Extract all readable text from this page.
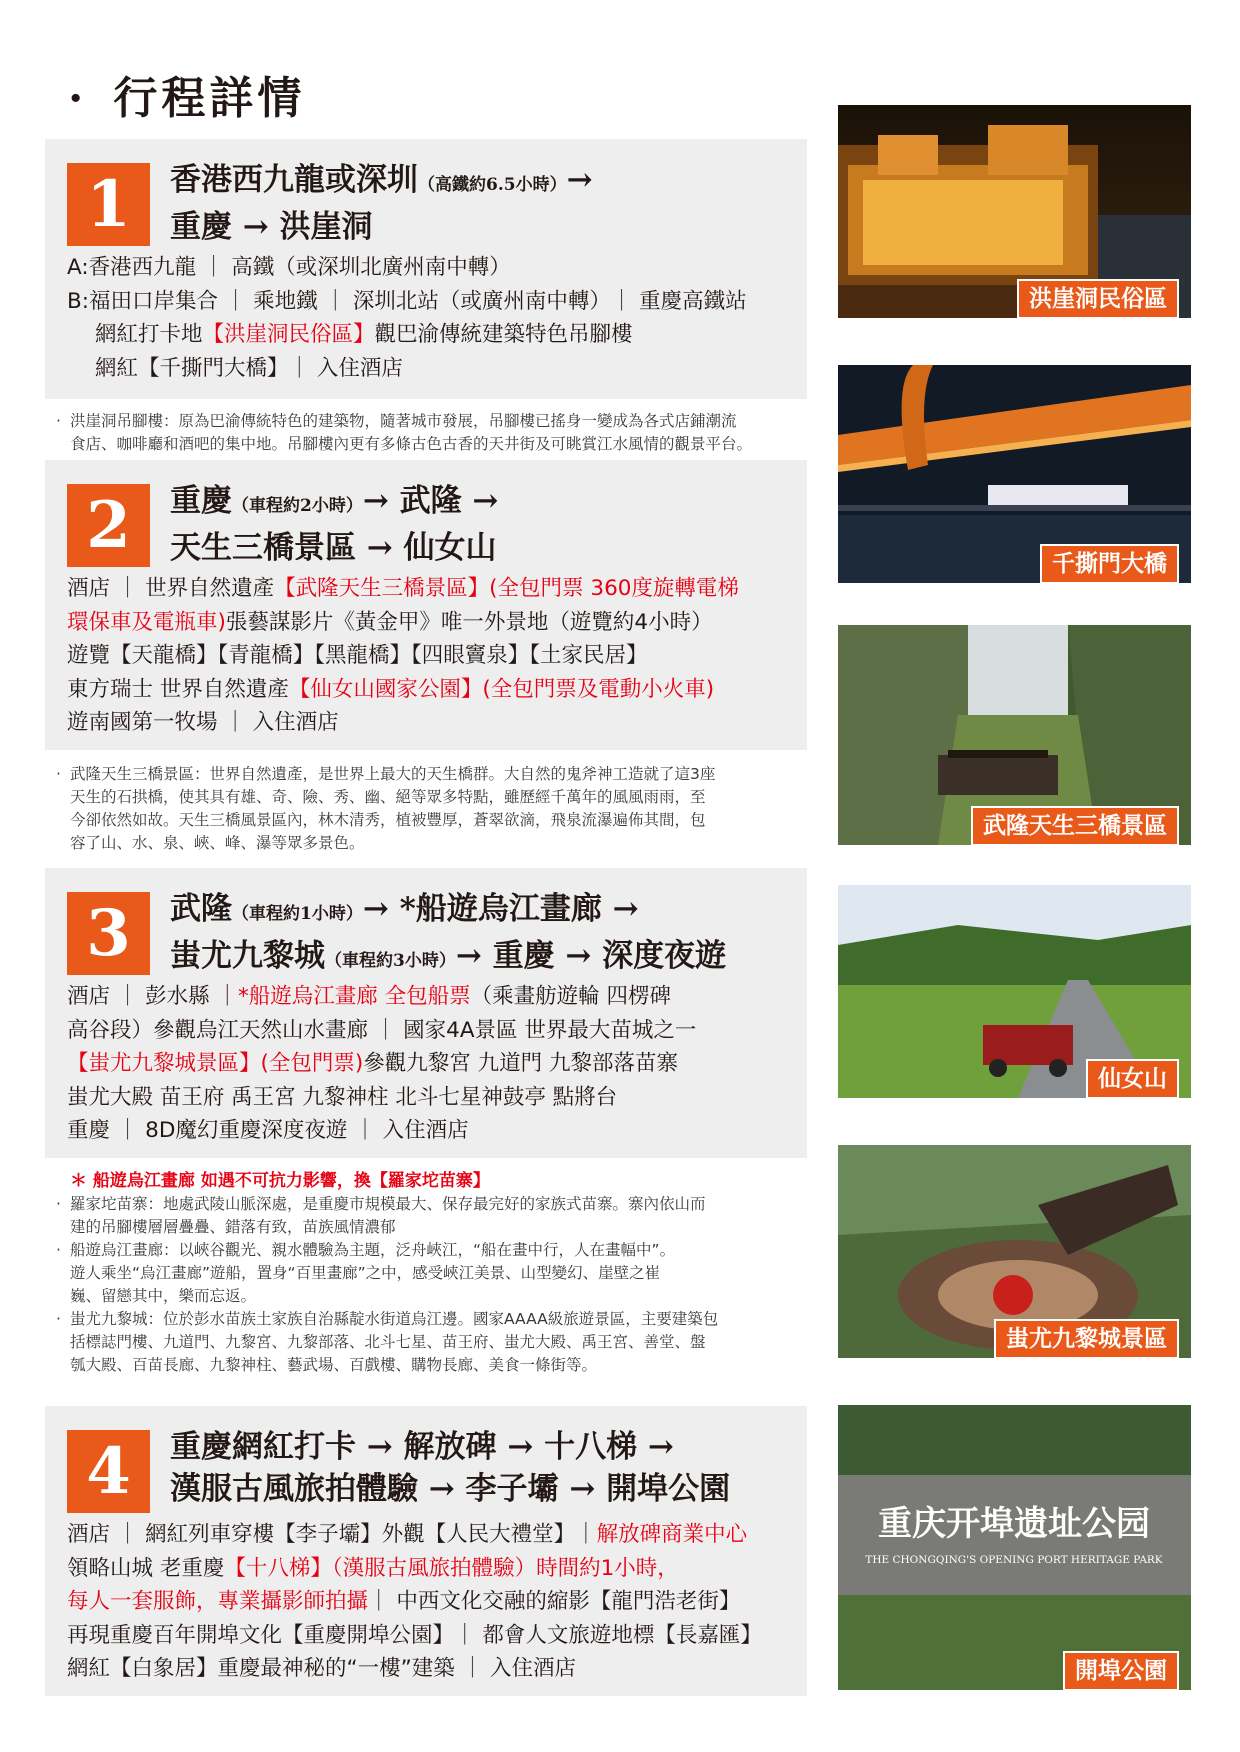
· 行程詳情
1	香港西九龍或深圳（高鐵約6.5小時）→
重慶 → 洪崖洞
A:香港西九龍 ｜ 高鐵（或深圳北廣州南中轉）
B:福田口岸集合 ｜ 乘地鐵 ｜ 深圳北站（或廣州南中轉）｜ 重慶高鐵站
網紅打卡地【洪崖洞民俗區】觀巴渝傳統建築特色吊腳樓
網紅【千撕門大橋】｜ 入住酒店

· 洪崖洞吊腳樓：原為巴渝傳統特色的建築物，隨著城市發展，吊腳樓已搖身一變成為各式店鋪潮流

食店、咖啡廳和酒吧的集中地。吊腳樓內更有多條古色古香的天井街及可眺賞江水風情的觀景平台。

2	重慶（車程約2小時）→ 武隆 →
天生三橋景區 → 仙女山
酒店 ｜ 世界自然遺產【武隆天生三橋景區】(全包門票 360度旋轉電梯
環保車及電瓶車)張藝謀影片《黃金甲》唯一外景地（遊覽約4小時）
遊覽【天龍橋】【青龍橋】【黑龍橋】【四眼竇泉】【土家民居】
東方瑞士 世界自然遺產【仙女山國家公園】(全包門票及電動小火車)
遊南國第一牧場 ｜ 入住酒店

· 武隆天生三橋景區：世界自然遺產，是世界上最大的天生橋群。大自然的鬼斧神工造就了這3座

天生的石拱橋，使其具有雄、奇、險、秀、幽、絕等眾多特點，雖歷經千萬年的風風雨雨，至

今卻依然如故。天生三橋風景區內，林木清秀，植被豐厚，蒼翠欲滴，飛泉流瀑遍佈其間，包

容了山、水、泉、峽、峰、瀑等眾多景色。

3	武隆（車程約1小時）→ *船遊烏江畫廊 →
蚩尤九黎城（車程約3小時）→ 重慶 → 深度夜遊
酒店 ｜ 彭水縣 ｜*船遊烏江畫廊 全包船票（乘畫舫遊輪 四楞碑
高谷段）參觀烏江天然山水畫廊 ｜ 國家4A景區 世界最大苗城之一
【蚩尤九黎城景區】(全包門票)參觀九黎宮 九道門 九黎部落苗寨
蚩尤大殿 苗王府 禹王宮 九黎神柱 北斗七星神鼓亭 點將台
重慶 ｜ 8D魔幻重慶深度夜遊 ｜ 入住酒店

＊ 船遊烏江畫廊 如遇不可抗力影響，換【羅家坨苗寨】

· 羅家坨苗寨：地處武陵山脈深處，是重慶市規模最大、保存最完好的家族式苗寨。寨內依山而

建的吊腳樓層層疊疊、錯落有致，苗族風情濃郁

· 船遊烏江畫廊：以峽谷觀光、親水體驗為主題，泛舟峽江，“船在畫中行，人在畫幅中”。

遊人乘坐“烏江畫廊”遊船，置身“百里畫廊”之中，感受峽江美景、山型變幻、崖壁之崔

巍、留戀其中，樂而忘返。

· 蚩尤九黎城：位於彭水苗族土家族自治縣靛水街道烏江邊。國家AAAA級旅遊景區，主要建築包

括標誌門樓、九道門、九黎宮、九黎部落、北斗七星、苗王府、蚩尤大殿、禹王宮、善堂、盤

瓠大殿、百苗長廊、九黎神柱、藝武場、百戲樓、購物長廊、美食一條街等。

4	重慶網紅打卡 → 解放碑 → 十八梯 →
漢服古風旅拍體驗 → 李子壩 → 開埠公園
酒店 ｜ 網紅列車穿樓【李子壩】外觀【人民大禮堂】｜解放碑商業中心
領略山城 老重慶【十八梯】（漢服古風旅拍體驗）時間約1小時，
每人一套服飾，專業攝影師拍攝｜ 中西文化交融的縮影【龍門浩老街】
再現重慶百年開埠文化【重慶開埠公園】｜ 都會人文旅遊地標【長嘉匯】
網紅【白象居】重慶最神秘的“一樓”建築 ｜ 入住酒店
洪崖洞民俗區
千撕門大橋
武隆天生三橋景區
仙女山
蚩尤九黎城景區
重庆开埠遗址公园
THE CHONGQING'S OPENING PORT HERITAGE PARK
開埠公園
